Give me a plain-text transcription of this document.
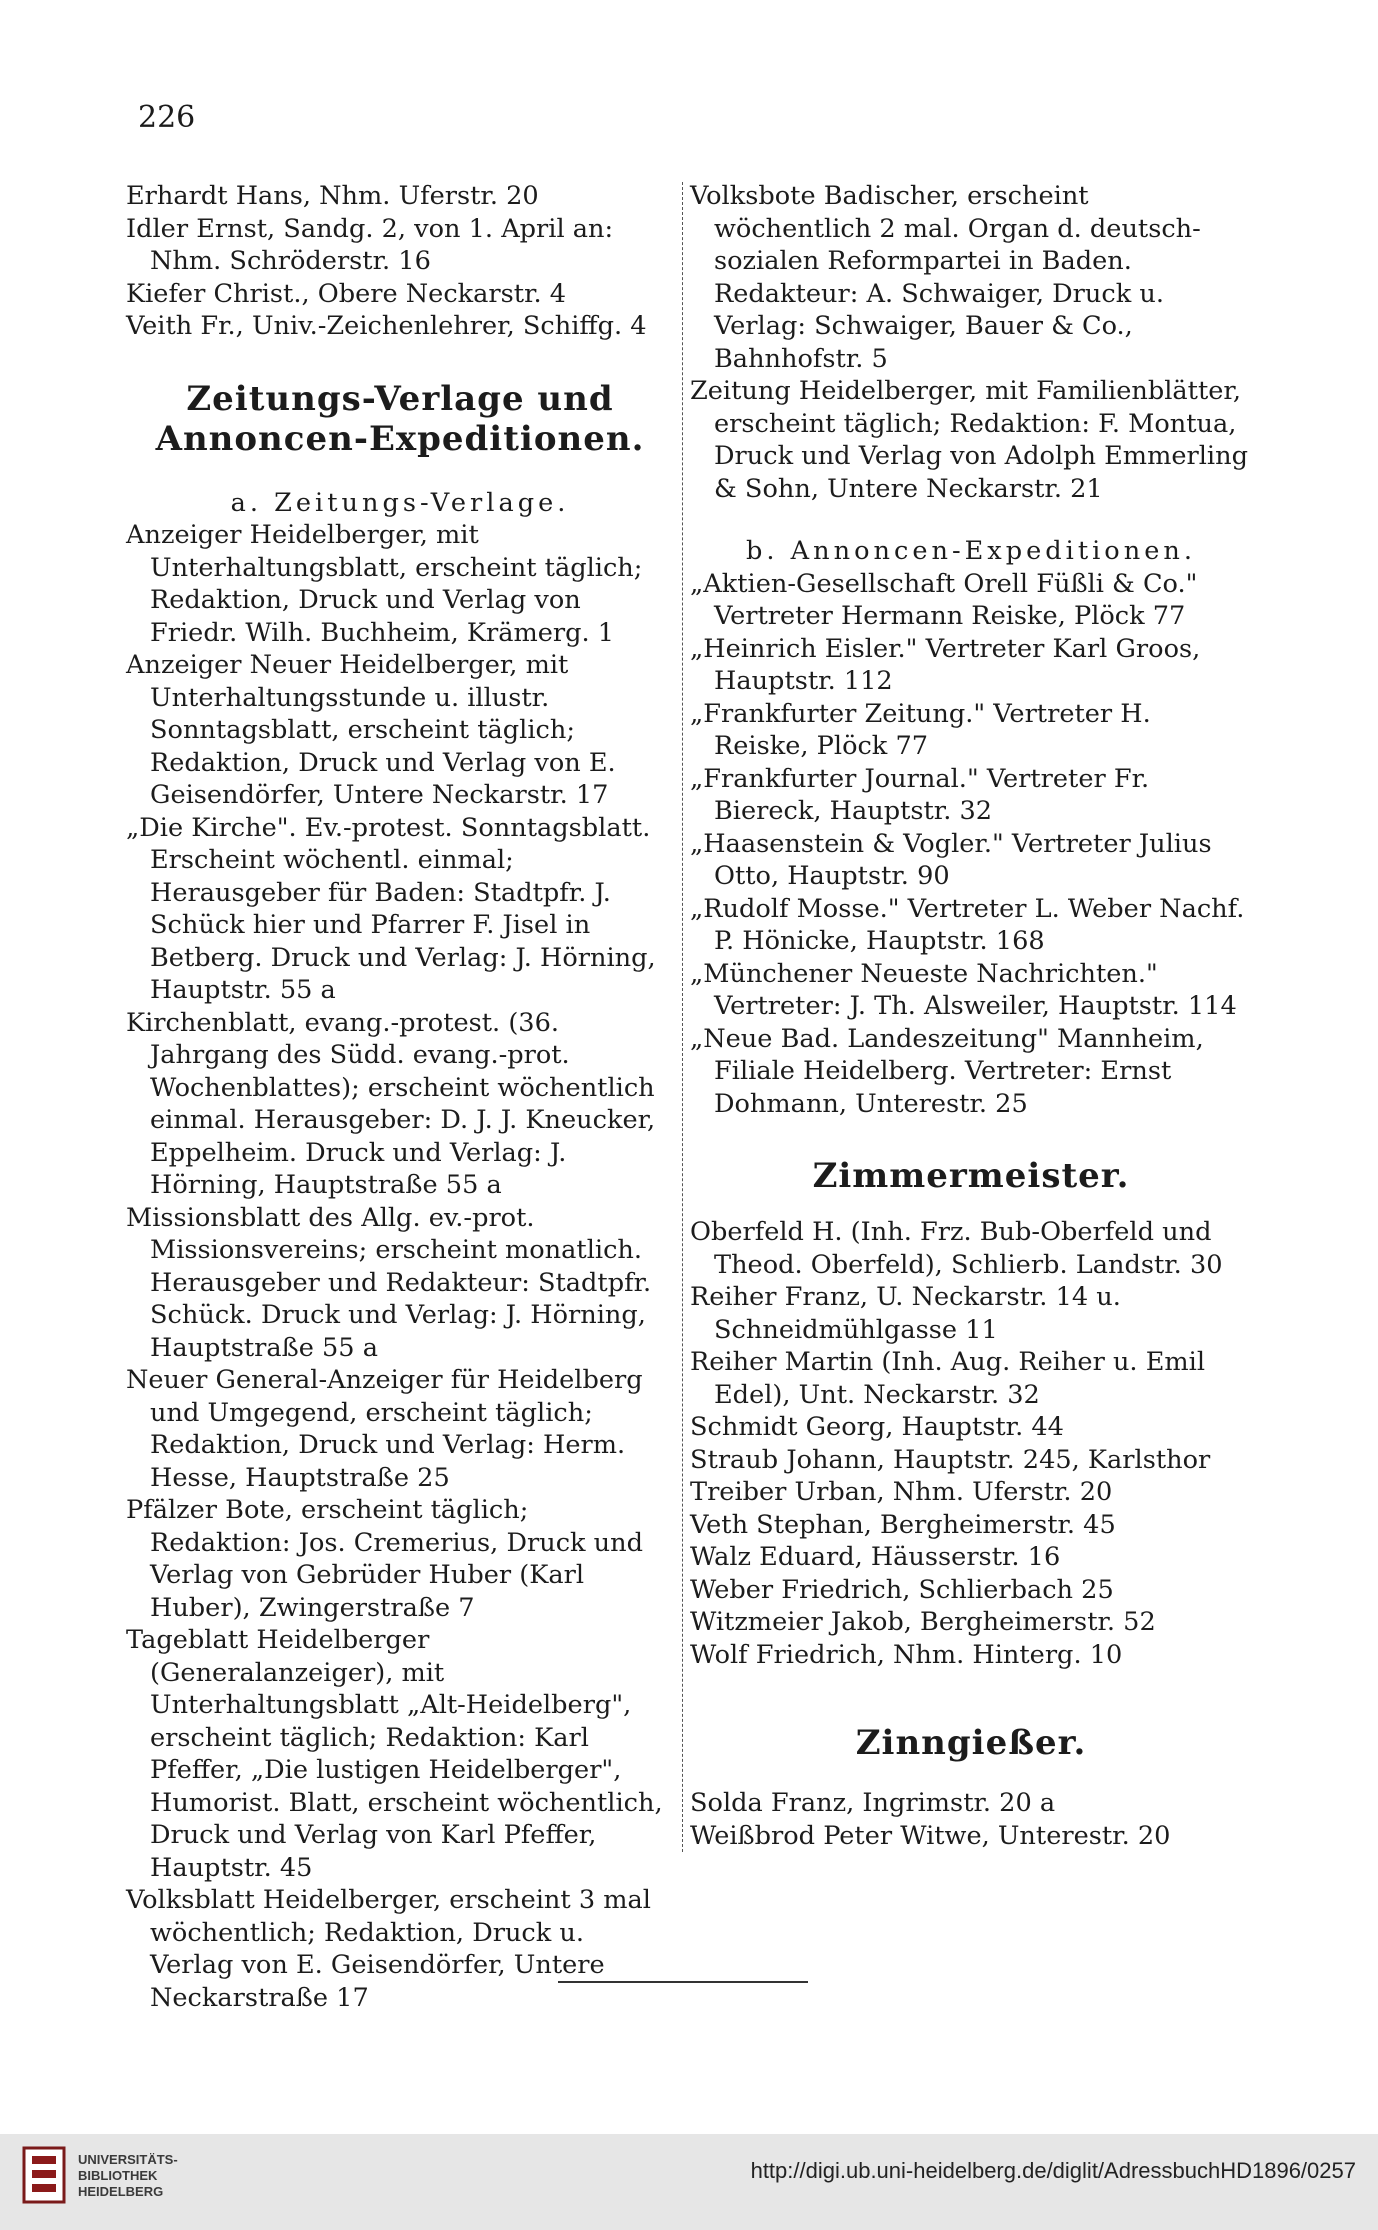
226
Erhardt Hans, Nhm. Uferstr. 20
Idler Ernst, Sandg. 2, von 1. April an: Nhm. Schröderstr. 16
Kiefer Christ., Obere Neckarstr. 4
Veith Fr., Univ.-Zeichenlehrer, Schiffg. 4
Zeitungs-Verlage und Annoncen-Expeditionen.
a. Zeitungs-Verlage.
Anzeiger Heidelberger, mit Unterhaltungsblatt, erscheint täglich; Redaktion, Druck und Verlag von Friedr. Wilh. Buchheim, Krämerg. 1
Anzeiger Neuer Heidelberger, mit Unterhaltungsstunde u. illustr. Sonntagsblatt, erscheint täglich; Redaktion, Druck und Verlag von E. Geisendörfer, Untere Neckarstr. 17
„Die Kirche". Ev.-protest. Sonntagsblatt. Erscheint wöchentl. einmal; Herausgeber für Baden: Stadtpfr. J. Schück hier und Pfarrer F. Jisel in Betberg. Druck und Verlag: J. Hörning, Hauptstr. 55 a
Kirchenblatt, evang.-protest. (36. Jahrgang des Südd. evang.-prot. Wochenblattes); erscheint wöchentlich einmal. Herausgeber: D. J. J. Kneucker, Eppelheim. Druck und Verlag: J. Hörning, Hauptstraße 55 a
Missionsblatt des Allg. ev.-prot. Missionsvereins; erscheint monatlich. Herausgeber und Redakteur: Stadtpfr. Schück. Druck und Verlag: J. Hörning, Hauptstraße 55 a
Neuer General-Anzeiger für Heidelberg und Umgegend, erscheint täglich; Redaktion, Druck und Verlag: Herm. Hesse, Hauptstraße 25
Pfälzer Bote, erscheint täglich; Redaktion: Jos. Cremerius, Druck und Verlag von Gebrüder Huber (Karl Huber), Zwingerstraße 7
Tageblatt Heidelberger (Generalanzeiger), mit Unterhaltungsblatt „Alt-Heidelberg", erscheint täglich; Redaktion: Karl Pfeffer, „Die lustigen Heidelberger", Humorist. Blatt, erscheint wöchentlich, Druck und Verlag von Karl Pfeffer, Hauptstr. 45
Volksblatt Heidelberger, erscheint 3 mal wöchentlich; Redaktion, Druck u. Verlag von E. Geisendörfer, Untere Neckarstraße 17
Volksbote Badischer, erscheint wöchentlich 2 mal. Organ d. deutsch-sozialen Reformpartei in Baden. Redakteur: A. Schwaiger, Druck u. Verlag: Schwaiger, Bauer & Co., Bahnhofstr. 5
Zeitung Heidelberger, mit Familienblätter, erscheint täglich; Redaktion: F. Montua, Druck und Verlag von Adolph Emmerling & Sohn, Untere Neckarstr. 21
b. Annoncen-Expeditionen.
„Aktien-Gesellschaft Orell Füßli & Co." Vertreter Hermann Reiske, Plöck 77
„Heinrich Eisler." Vertreter Karl Groos, Hauptstr. 112
„Frankfurter Zeitung." Vertreter H. Reiske, Plöck 77
„Frankfurter Journal." Vertreter Fr. Biereck, Hauptstr. 32
„Haasenstein & Vogler." Vertreter Julius Otto, Hauptstr. 90
„Rudolf Mosse." Vertreter L. Weber Nachf. P. Hönicke, Hauptstr. 168
„Münchener Neueste Nachrichten." Vertreter: J. Th. Alsweiler, Hauptstr. 114
„Neue Bad. Landeszeitung" Mannheim, Filiale Heidelberg. Vertreter: Ernst Dohmann, Unterestr. 25
Zimmermeister.
Oberfeld H. (Inh. Frz. Bub-Oberfeld und Theod. Oberfeld), Schlierb. Landstr. 30
Reiher Franz, U. Neckarstr. 14 u. Schneidmühlgasse 11
Reiher Martin (Inh. Aug. Reiher u. Emil Edel), Unt. Neckarstr. 32
Schmidt Georg, Hauptstr. 44
Straub Johann, Hauptstr. 245, Karlsthor
Treiber Urban, Nhm. Uferstr. 20
Veth Stephan, Bergheimerstr. 45
Walz Eduard, Häusserstr. 16
Weber Friedrich, Schlierbach 25
Witzmeier Jakob, Bergheimerstr. 52
Wolf Friedrich, Nhm. Hinterg. 10
Zinngießer.
Solda Franz, Ingrimstr. 20 a
Weißbrod Peter Witwe, Unterestr. 20
UNIVERSITÄTS-
BIBLIOTHEK
HEIDELBERG
http://digi.ub.uni-heidelberg.de/diglit/AdressbuchHD1896/0257
